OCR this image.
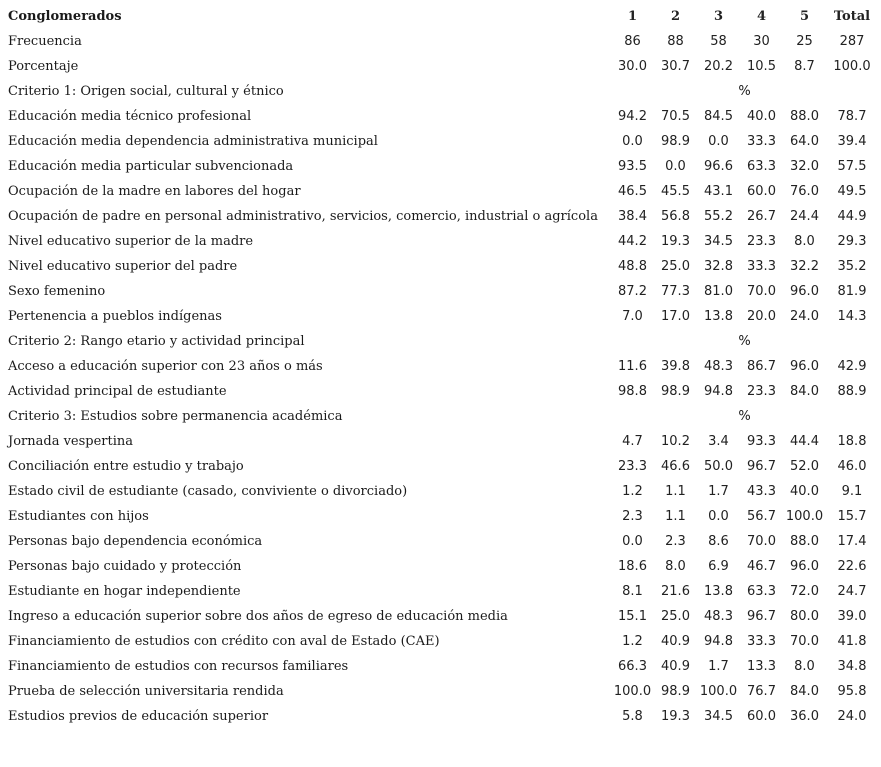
Conglomerados	1	2	3	4	5	Total
Frecuencia	86	88	58	30	25	287
Porcentaje	30.0	30.7	20.2	10.5	8.7	100.0
Criterio 1: Origen social, cultural y étnico	%					
Educación media técnico profesional	94.2	70.5	84.5	40.0	88.0	78.7
Educación media dependencia administrativa municipal	0.0	98.9	0.0	33.3	64.0	39.4
Educación media particular subvencionada	93.5	0.0	96.6	63.3	32.0	57.5
Ocupación de la madre en labores del hogar	46.5	45.5	43.1	60.0	76.0	49.5
Ocupación de padre en personal administrativo, servicios, comercio, industrial o agrícola	38.4	56.8	55.2	26.7	24.4	44.9
Nivel educativo superior de la madre	44.2	19.3	34.5	23.3	8.0	29.3
Nivel educativo superior del padre	48.8	25.0	32.8	33.3	32.2	35.2
Sexo femenino	87.2	77.3	81.0	70.0	96.0	81.9
Pertenencia a pueblos indígenas	7.0	17.0	13.8	20.0	24.0	14.3
Criterio 2: Rango etario y actividad principal	%					
Acceso a educación superior con 23 años o más	11.6	39.8	48.3	86.7	96.0	42.9
Actividad principal de estudiante	98.8	98.9	94.8	23.3	84.0	88.9
Criterio 3: Estudios sobre permanencia académica	%					
Jornada vespertina	4.7	10.2	3.4	93.3	44.4	18.8
Conciliación entre estudio y trabajo	23.3	46.6	50.0	96.7	52.0	46.0
Estado civil de estudiante (casado, conviviente o divorciado)	1.2	1.1	1.7	43.3	40.0	9.1
Estudiantes con hijos	2.3	1.1	0.0	56.7	100.0	15.7
Personas bajo dependencia económica	0.0	2.3	8.6	70.0	88.0	17.4
Personas bajo cuidado y protección	18.6	8.0	6.9	46.7	96.0	22.6
Estudiante en hogar independiente	8.1	21.6	13.8	63.3	72.0	24.7
Ingreso a educación superior sobre dos años de egreso de educación media	15.1	25.0	48.3	96.7	80.0	39.0
Financiamiento de estudios con crédito con aval de Estado (CAE)	1.2	40.9	94.8	33.3	70.0	41.8
Financiamiento de estudios con recursos familiares	66.3	40.9	1.7	13.3	8.0	34.8
Prueba de selección universitaria rendida	100.0	98.9	100.0	76.7	84.0	95.8
Estudios previos de educación superior	5.8	19.3	34.5	60.0	36.0	24.0
